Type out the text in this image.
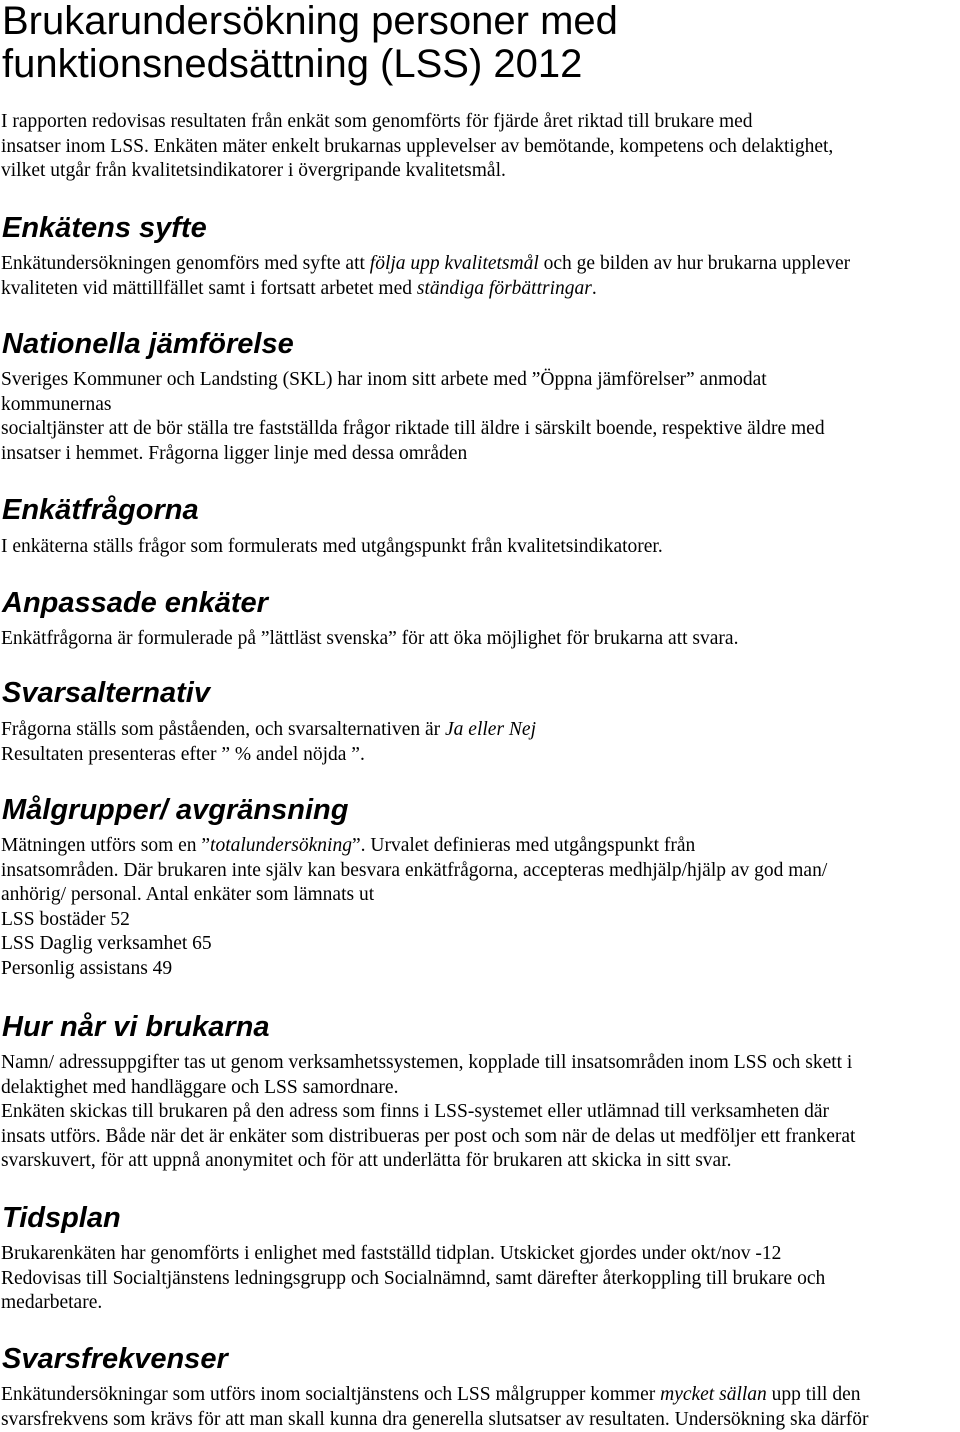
Brukarundersökning personer med funktionsnedsättning (LSS) 2012
I rapporten redovisas resultaten från enkät som genomförts för fjärde året riktad till brukare med
insatser inom LSS. Enkäten mäter enkelt brukarnas upplevelser av bemötande, kompetens och delaktighet,
vilket utgår från kvalitetsindikatorer i övergripande kvalitetsmål.
Enkätens syfte
Enkätundersökningen genomförs med syfte att följa upp kvalitetsmål och ge bilden av hur brukarna upplever
kvaliteten vid mättillfället samt i fortsatt arbetet med ständiga förbättringar.
Nationella jämförelse
Sveriges Kommuner och Landsting (SKL) har inom sitt arbete med ”Öppna jämförelser” anmodat
kommunernas
socialtjänster att de bör ställa tre fastställda frågor riktade till äldre i särskilt boende, respektive äldre med
insatser i hemmet. Frågorna ligger linje med dessa områden
Enkätfrågorna
I enkäterna ställs frågor som formulerats med utgångspunkt från kvalitetsindikatorer.
Anpassade enkäter
Enkätfrågorna är formulerade på ”lättläst svenska” för att öka möjlighet för brukarna att svara.
Svarsalternativ
Frågorna ställs som påståenden, och svarsalternativen är Ja eller Nej
Resultaten presenteras efter ” % andel nöjda ”.
Målgrupper/ avgränsning
Mätningen utförs som en ”totalundersökning”. Urvalet definieras med utgångspunkt från
insatsområden. Där brukaren inte själv kan besvara enkätfrågorna, accepteras medhjälp/hjälp av god man/
anhörig/ personal. Antal enkäter som lämnats ut
LSS bostäder 52
LSS Daglig verksamhet 65
Personlig assistans 49
Hur når vi brukarna
Namn/ adressuppgifter tas ut genom verksamhetssystemen, kopplade till insatsområden inom LSS och skett i
delaktighet med handläggare och LSS samordnare.
Enkäten skickas till brukaren på den adress som finns i LSS-systemet eller utlämnad till verksamheten där
insats utförs. Både när det är enkäter som distribueras per post och som när de delas ut medföljer ett frankerat
svarskuvert, för att uppnå anonymitet och för att underlätta för brukaren att skicka in sitt svar.
Tidsplan
Brukarenkäten har genomförts i enlighet med fastställd tidplan. Utskicket gjordes under okt/nov -12
Redovisas till Socialtjänstens ledningsgrupp och Socialnämnd, samt därefter återkoppling till brukare och
medarbetare.
Svarsfrekvenser
Enkätundersökningar som utförs inom socialtjänstens och LSS målgrupper kommer mycket sällan upp till den
svarsfrekvens som krävs för att man skall kunna dra generella slutsatser av resultaten. Undersökning ska därför
